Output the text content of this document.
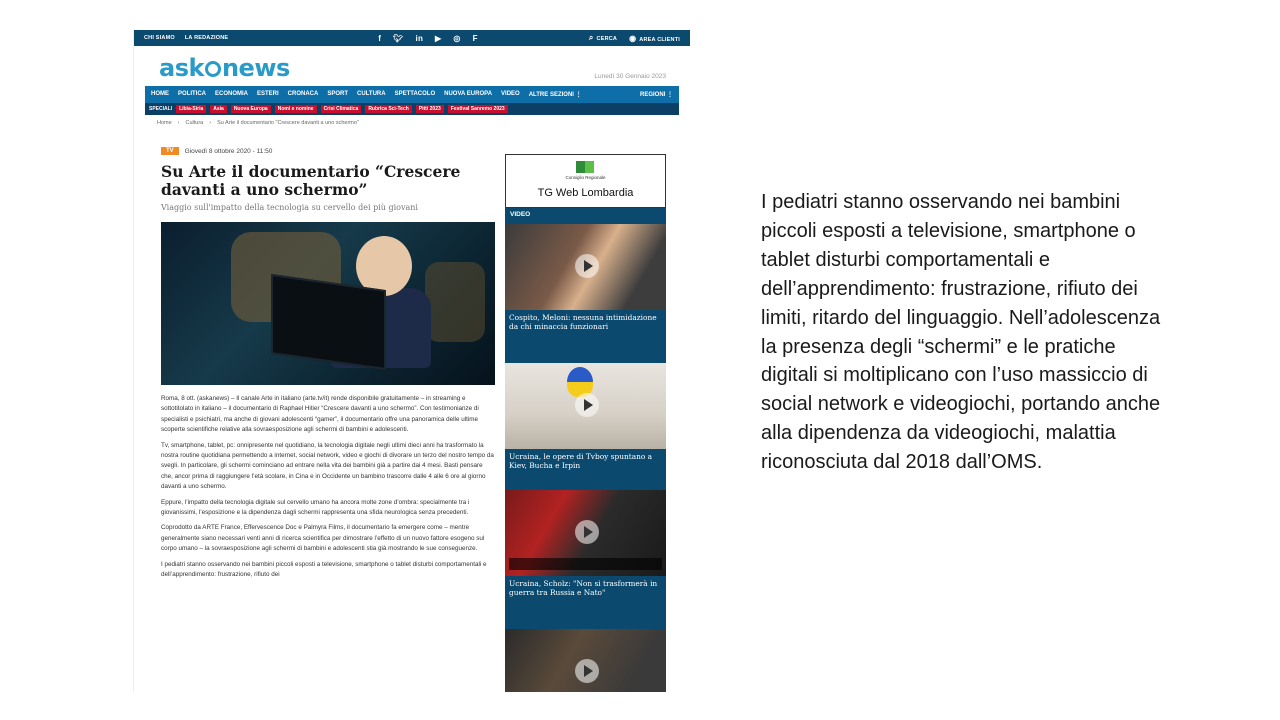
CHI SIAMO LA REDAZIONE	f 🐦︎ in ▶ ◎ F	⌕ CERCA ◉ AREA CLIENTI
ask news	Lunedì 30 Gennaio 2023
HOME POLITICA ECONOMIA ESTERI CRONACA SPORT CULTURA SPETTACOLO NUOVA EUROPA VIDEO ALTRE SEZIONI ⋮	REGIONI ⋮
SPECIALI	Libia-Siria	Asia	Nuova Europa	Nomi e nomine	Crisi Climatica	Rubrica Sci-Tech	Pitti 2023	Festival Sanremo 2023
Home › Cultura › Su Arte il documentario "Crescere davanti a uno schermo"
TV	Giovedì 8 ottobre 2020 - 11:50
Su Arte il documentario “Crescere davanti a uno schermo”
Viaggio sull'impatto della tecnologia su cervello dei più giovani

Roma, 8 ott. (askanews) – Il canale Arte in italiano (arte.tv/it) rende disponibile gratuitamente – in streaming e sottotitolato in italiano – il documentario di Raphael Hitier “Crescere davanti a uno schermo”. Con testimonianze di specialisti e psichiatri, ma anche di giovani adolescenti “gamer”, il documentario offre una panoramica delle ultime scoperte scientifiche relative alla sovraesposizione agli schermi di bambini e adolescenti.

Tv, smartphone, tablet, pc: onnipresente nel quotidiano, la tecnologia digitale negli ultimi dieci anni ha trasformato la nostra routine quotidiana permettendo a internet, social network, video e giochi di divorare un terzo del nostro tempo da svegli. In particolare, gli schermi cominciano ad entrare nella vita dei bambini già a partire dai 4 mesi. Basti pensare che, ancor prima di raggiungere l’età scolare, in Cina e in Occidente un bambino trascorre dalle 4 alle 6 ore al giorno davanti a uno schermo.

Eppure, l’impatto della tecnologia digitale sul cervello umano ha ancora molte zone d’ombra: specialmente tra i giovanissimi, l’esposizione e la dipendenza dagli schermi rappresenta una sfida neurologica senza precedenti.

Coprodotto da ARTE France, Effervescence Doc e Palmyra Films, il documentario fa emergere come – mentre generalmente siano necessari venti anni di ricerca scientifica per dimostrare l’effetto di un nuovo fattore esogeno sul corpo umano – la sovraesposizione agli schermi di bambini e adolescenti stia già mostrando le sue conseguenze.

I pediatri stanno osservando nei bambini piccoli esposti a televisione, smartphone o tablet disturbi comportamentali e dell’apprendimento: frustrazione, rifiuto dei

Consiglio Regionale
TG Web Lombardia
VIDEO
Cospito, Meloni: nessuna intimidazione da chi minaccia funzionari
Ucraina, le opere di Tvboy spuntano a Kiev, Bucha e Irpin
Ucraina, Scholz: "Non si trasformerà in guerra tra Russia e Nato"
I pediatri stanno osservando nei bambini piccoli esposti a televisione, smartphone o tablet disturbi comportamentali e dell’apprendimento: frustrazione, rifiuto dei limiti, ritardo del linguaggio. Nell’adolescenza la presenza degli “schermi” e le pratiche digitali si moltiplicano con l’uso massiccio di social network e videogiochi, portando anche alla dipendenza da videogiochi, malattia riconosciuta dal 2018 dall’OMS.
